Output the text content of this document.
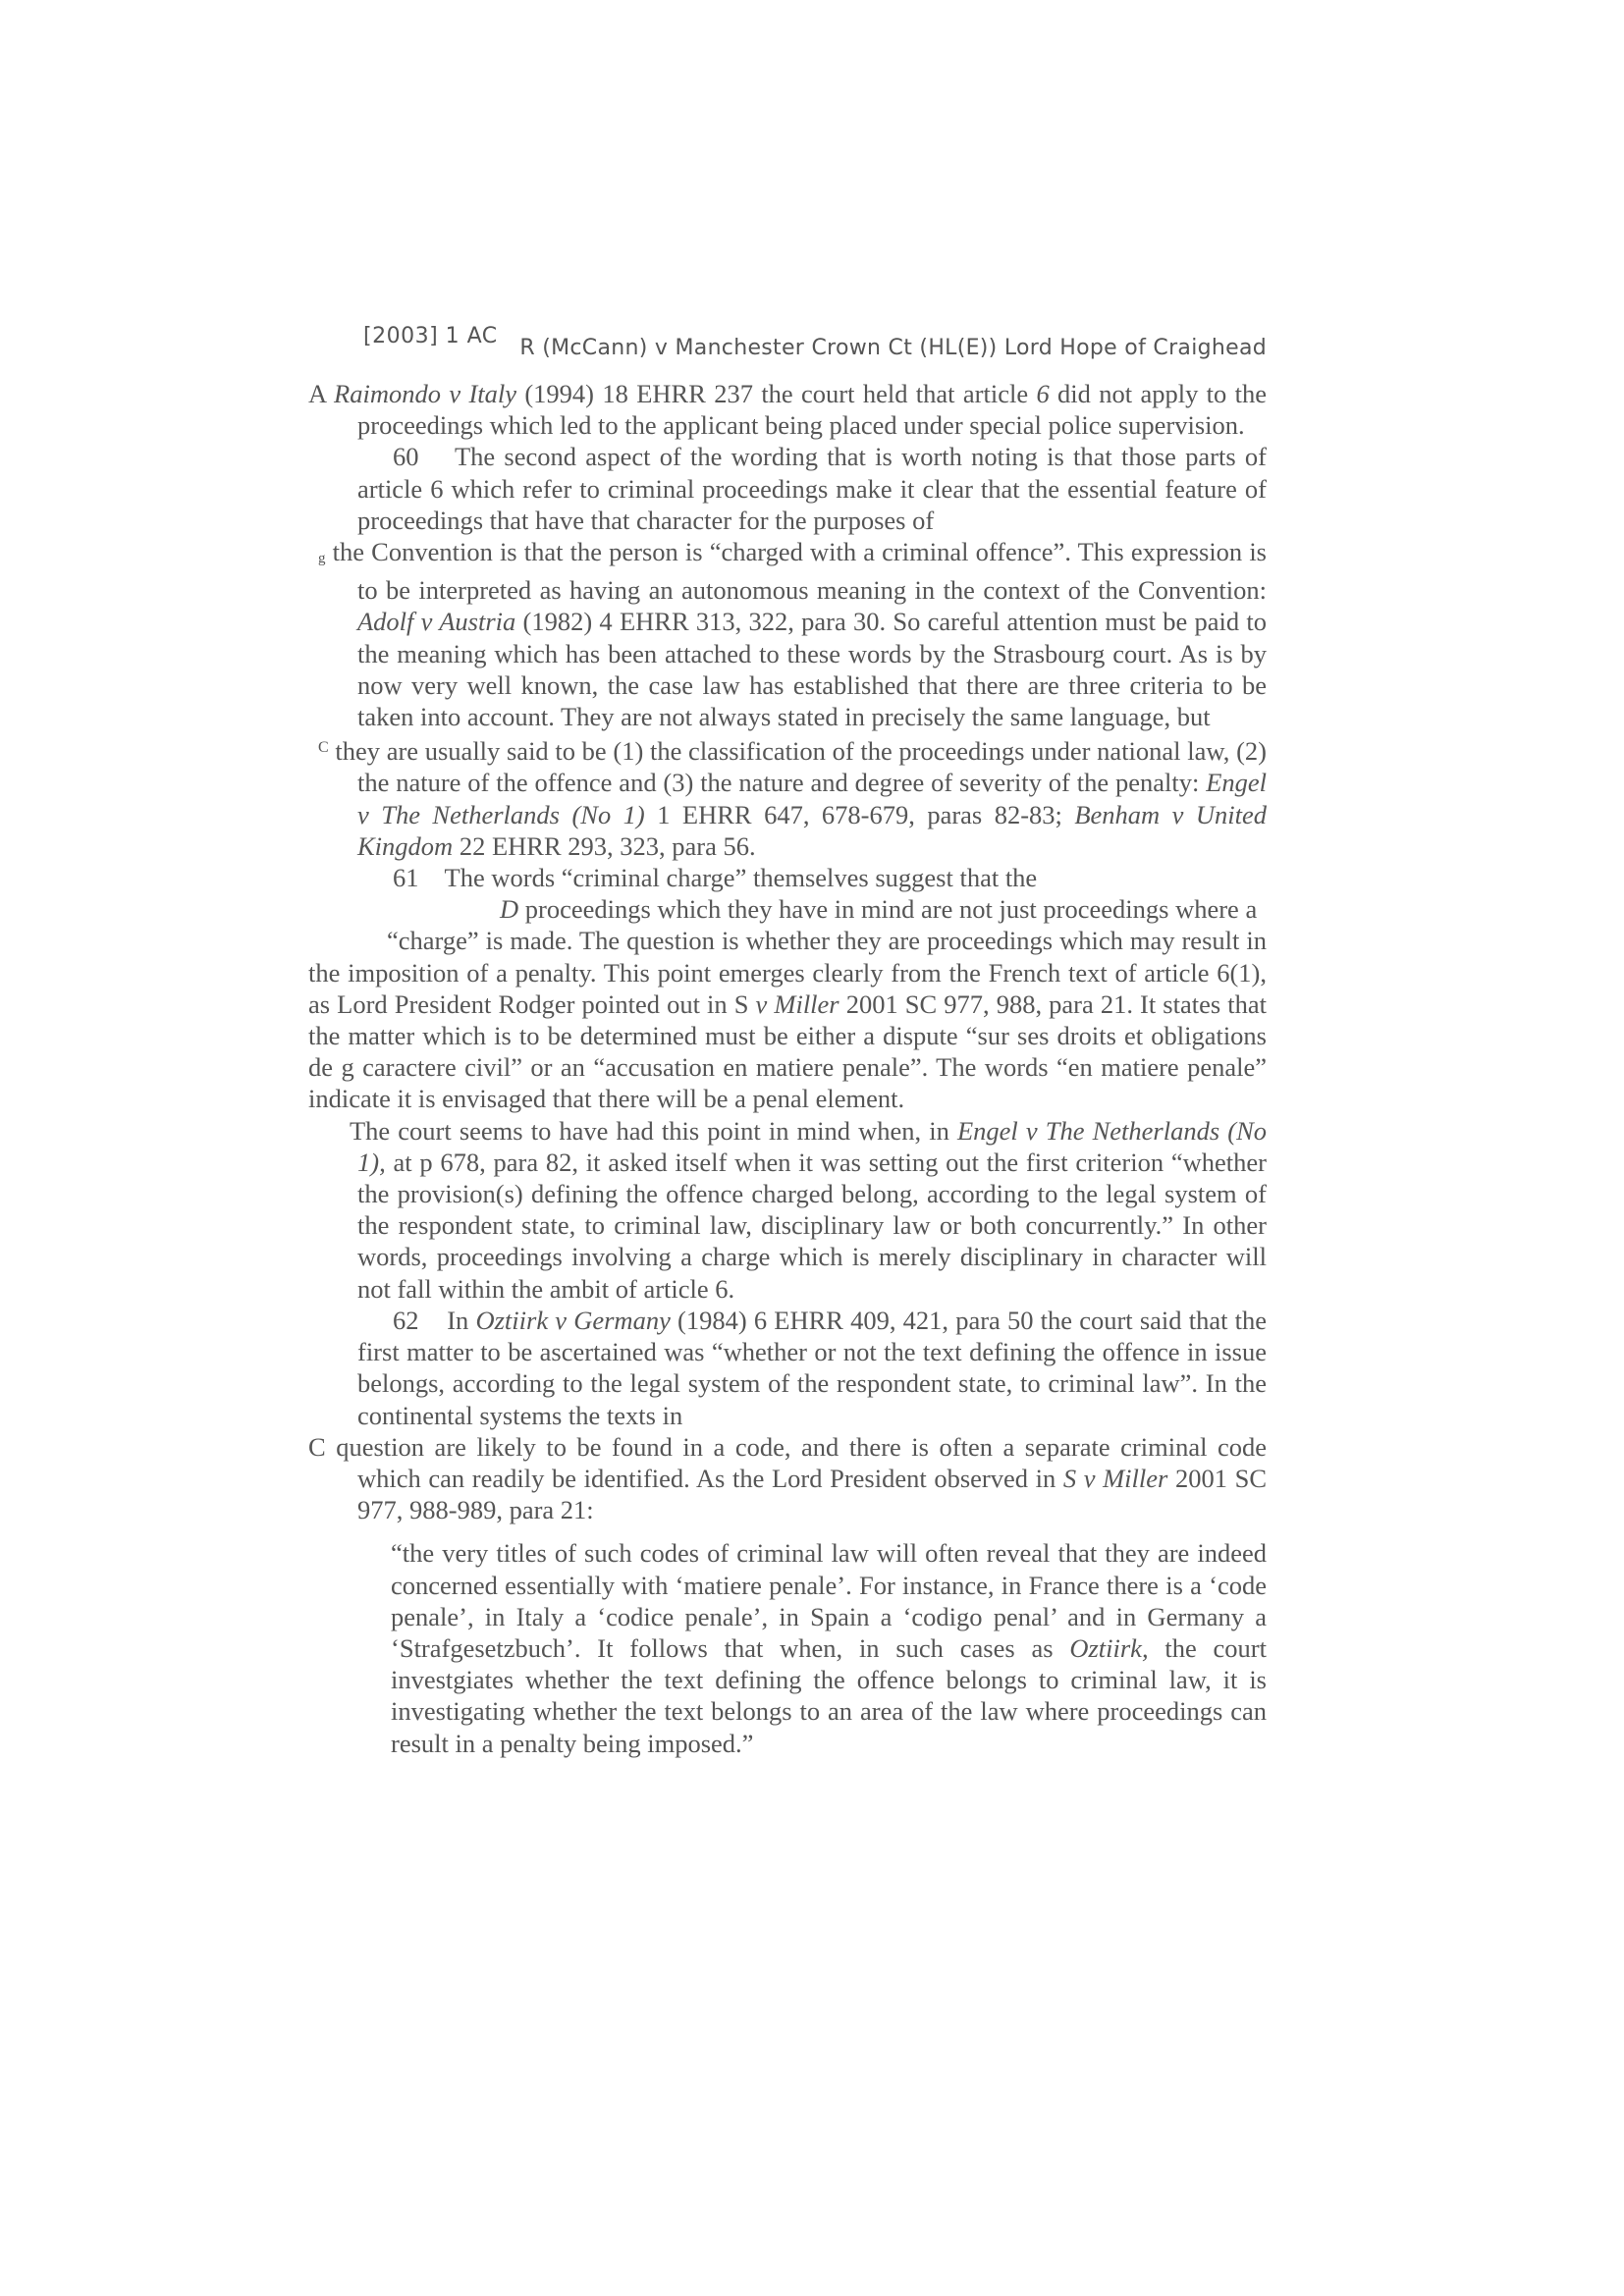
[2003] 1 AC R (McCann) v Manchester Crown Ct (HL(E)) Lord Hope of Craighead

A Raimondo v Italy (1994) 18 EHRR 237 the court held that article 6 did not apply to the proceedings which led to the applicant being placed under special police supervision.

60 The second aspect of the wording that is worth noting is that those parts of article 6 which refer to criminal proceedings make it clear that the essential feature of proceedings that have that character for the purposes of

g the Convention is that the person is “charged with a criminal offence”. This expression is to be interpreted as having an autonomous meaning in the context of the Convention: Adolf v Austria (1982) 4 EHRR 313, 322, para 30. So careful attention must be paid to the meaning which has been attached to these words by the Strasbourg court. As is by now very well known, the case law has established that there are three criteria to be taken into account. They are not always stated in precisely the same language, but

$^C$ they are usually said to be (1) the classification of the proceedings under national law, (2) the nature of the offence and (3) the nature and degree of severity of the penalty: Engel v The Netherlands (No 1) 1 EHRR 647, 678-679, paras 82-83; Benham v United Kingdom 22 EHRR 293, 323, para 56.

61 The words “criminal charge” themselves suggest that the

D proceedings which they have in mind are not just proceedings where a

“charge” is made. The question is whether they are proceedings which may result in the imposition of a penalty. This point emerges clearly from the French text of article 6(1), as Lord President Rodger pointed out in S v Miller 2001 SC 977, 988, para 21. It states that the matter which is to be determined must be either a dispute “sur ses droits et obligations de g caractere civil” or an “accusation en matiere penale”. The words “en matiere penale” indicate it is envisaged that there will be a penal element.

The court seems to have had this point in mind when, in Engel v The Netherlands (No 1), at p 678, para 82, it asked itself when it was setting out the first criterion “whether the provision(s) defining the offence charged belong, according to the legal system of the respondent state, to criminal law, disciplinary law or both concurrently.” In other words, proceedings involving a charge which is merely disciplinary in character will not fall within the ambit of article 6.

62 In Oztiirk v Germany (1984) 6 EHRR 409, 421, para 50 the court said that the first matter to be ascertained was “whether or not the text defining the offence in issue belongs, according to the legal system of the respondent state, to criminal law”. In the continental systems the texts in

C question are likely to be found in a code, and there is often a separate criminal code which can readily be identified. As the Lord President observed in S v Miller 2001 SC 977, 988-989, para 21:

“the very titles of such codes of criminal law will often reveal that they are indeed concerned essentially with ‘matiere penale’. For instance, in France there is a ‘code penale’, in Italy a ‘codice penale’, in Spain a ‘codigo penal’ and in Germany a ‘Strafgesetzbuch’. It follows that when, in such cases as Oztiirk, the court investgiates whether the text defining the offence belongs to criminal law, it is investigating whether the text belongs to an area of the law where proceedings can result in a penalty being imposed.”
